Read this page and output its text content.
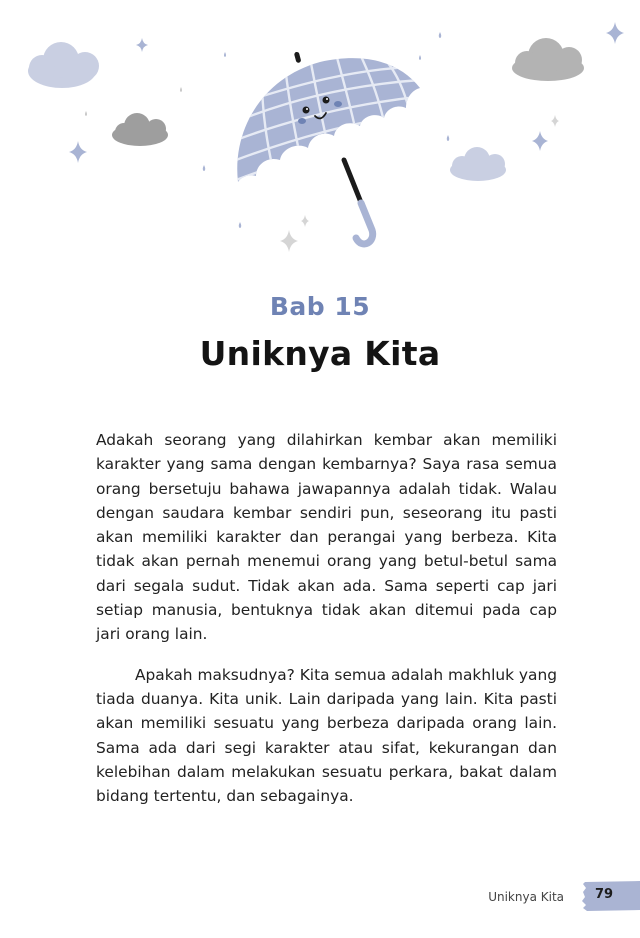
Bab 15
Uniknya Kita

Adakah seorang yang dilahirkan kembar akan memiliki karakter yang sama dengan kembarnya? Saya rasa semua orang bersetuju bahawa jawapannya adalah tidak. Walau dengan saudara kembar sendiri pun, seseorang itu pasti akan memiliki karakter dan perangai yang berbeza. Kita tidak akan pernah menemui orang yang betul-betul sama dari segala sudut. Tidak akan ada. Sama seperti cap jari setiap manusia, bentuknya tidak akan ditemui pada cap jari orang lain.

Apakah maksudnya? Kita semua adalah makhluk yang tiada duanya. Kita unik. Lain daripada yang lain. Kita pasti akan memiliki sesuatu yang berbeza daripada orang lain. Sama ada dari segi karakter atau sifat, kekurangan dan kelebihan dalam melakukan sesuatu perkara, bakat dalam bidang tertentu, dan sebagainya.

Uniknya Kita 79
